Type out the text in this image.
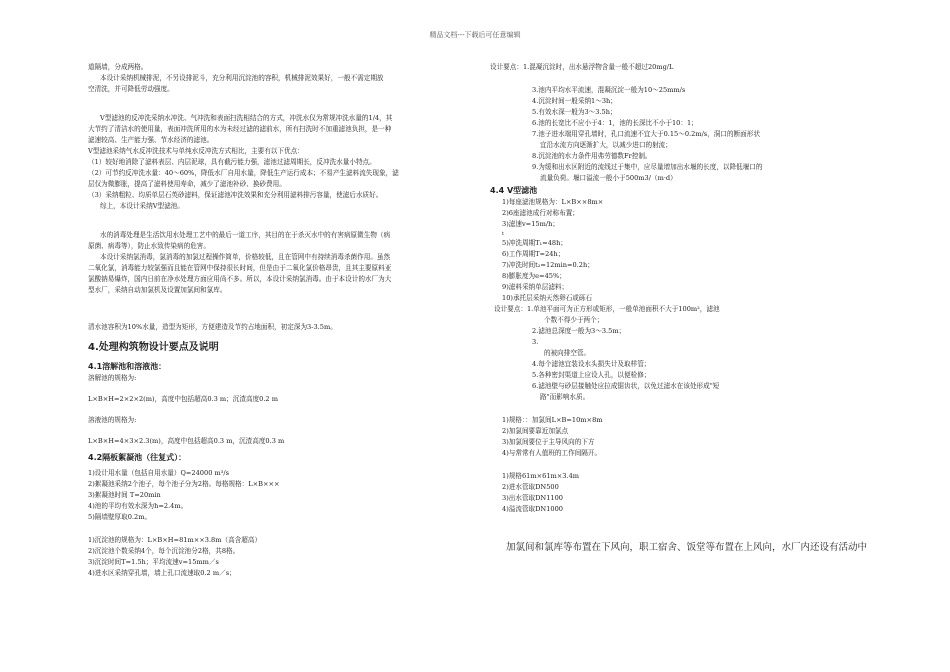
精品文档---下载后可任意编辑

道隔墙，分成两格。

本设计采纳机械排泥，不另设排泥斗，充分利用沉淀池的容积，机械排泥效果好，一般不需定期放

空清洗，并可降低劳动强度。

V型滤池的反冲洗采纳水冲洗、气冲洗和表面扫洗相结合的方式，冲洗水仅为常规冲洗水量的1/4，其

大节约了清洁水的使用量，表面冲洗所用的水为未经过滤的滤前水，所有扫洗时不加重滤池负担，是一种

滤速较高、生产能力强、节水经济的滤池。

V型滤池采纳气水反冲洗技术与单纯水反冲洗方式相比，主要有以下优点：

（1）较好地消除了滤料表层、内层泥球，具有截污能力强，滤池过滤周期长，反冲洗水量小特点。

（2）可节约反冲洗水量：40～60%，降低水厂自用水量，降低生产运行成本；不易产生滤料流失现象，滤

层仅为微膨胀，提高了滤料使用寿命，减少了滤池补砂、换砂费用。

（3）采纳粗粒、均质单层石英砂滤料，保证滤池冲洗效果和充分利用滤料排污容量，使滤后水质好。

综上，本设计采纳V型滤池。

水的消毒处理是生活饮用水处理工艺中的最后一道工序，其目的在于杀灭水中的有害病原微生物（病

原菌、病毒等），防止水致传染病的危害。

本设计采纳氯消毒，氯消毒的加氯过程操作简单，价格较低，且在管网中有持续消毒杀菌作用。虽然

二氧化氯，消毒能力较氯强而且能在管网中保持很长时间，但是由于二氧化氯价格昂贵，且其主要原料亚

氯酸钠易爆炸，国内日前在净水处理方面应用尚不多。所以，本设计采纳氯消毒。由于本设计的水厂为大

型水厂，采纳自动加氯机及设置加氯间和氯库。

清水池容积为10%水量，造型为矩形，方便建造及节约占地面积，初定深为3-3.5m。

4.处理构筑物设计要点及说明

4.1溶解池和溶液池：

溶解池的规格为:

L×B×H=2×2×2(m)，高度中包括超高0.3 m；沉渣高度0.2 m

溶液池的规格为:

L×B×H=4×3×2.3(m)，高度中包括超高0.3 m，沉渣高度0.3 m

4.2隔板絮凝池（往复式）：

1)设计用水量（包括自用水量）Q=24000 m³/s

2)絮凝池采纳2个池子，每个池子分为2格。每格规格：L×B×××

3)絮凝池时间 T=20min

4)池的平均有效水深为h=2.4m。

5)隔墙壁厚取0.2m。

1)沉淀池的规格为：L×B×H=81m××3.8m（高含超高）

2)沉淀池个数采纳4个，每个沉淀池分2格，共8格。

3)沉淀时间T=1.5h；平均流速v=15mm／s

4)进水区采纳穿孔墙，墙上孔口流速取0.2 m／s；

设计要点：1.混凝沉淀时，出水悬浮物含量一般不超过20mg/L

3.池内平均水平流速，混凝沉淀一般为10～25mm/s

4.沉淀时间一般采纳1～3h；

5.有效水深一般为3～3.5h；

6.池的长宽比不应小于4：1，池的长深比不小于10：1；

7.池子进水端用穿孔墙时，孔口流速不宜大于0.15～0.2m/s，洞口的断面形状

宜沿水流方向逐渐扩大，以减少进口的射流；

8.沉淀池的水力条件用弗劳德数Fr控制。

9.为缓和出水区附近的流线过于集中，应尽量增加出水堰的长度，以降低堰口的

流量负荷。堰口溢流一般小于500m3/（m·d）

4.4 V型滤池

1)每座滤池规格为：L×B××8m×

2)6座滤池成行对称布置；

3)滤速v=15m/h；

t

5)冲洗周期T₁=48h；

6)工作周期T=24h；

7)冲洗时间t₂=12min=0.2h；

8)膨胀度为e=45%；

9)滤料采纳单层滤料；

10)承托层采纳天然卵石或砾石

设计要点：1.单池平面可为正方形或矩形，一般单池面积不大于100m²，滤池

个数不得少于两个；

2.滤池总深度一般为3～3.5m；

3.

的被向排空管。

4.每个滤池宜装设水头损失计及取样管；

5.各种密封渠道上应设人孔，以便检修；

6.滤池壁与砂层接触处应拉成锯齿状，以免过滤水在该处形成"短

路"而影响水质。

1)规格：：加氯间L×B=10m×8m

2)加氯间要靠近加氯点

3)加氯间要位于主导风向的下方

4)与常常有人值班的工作间隔开。

1)规格61m×61m×3.4m

2)进水管取DN500

3)出水管取DN1100

4)溢流管取DN1000

加氯间和氯库等布置在下风向，职工宿舍、饭堂等布置在上风向，水厂内还设有活动中
